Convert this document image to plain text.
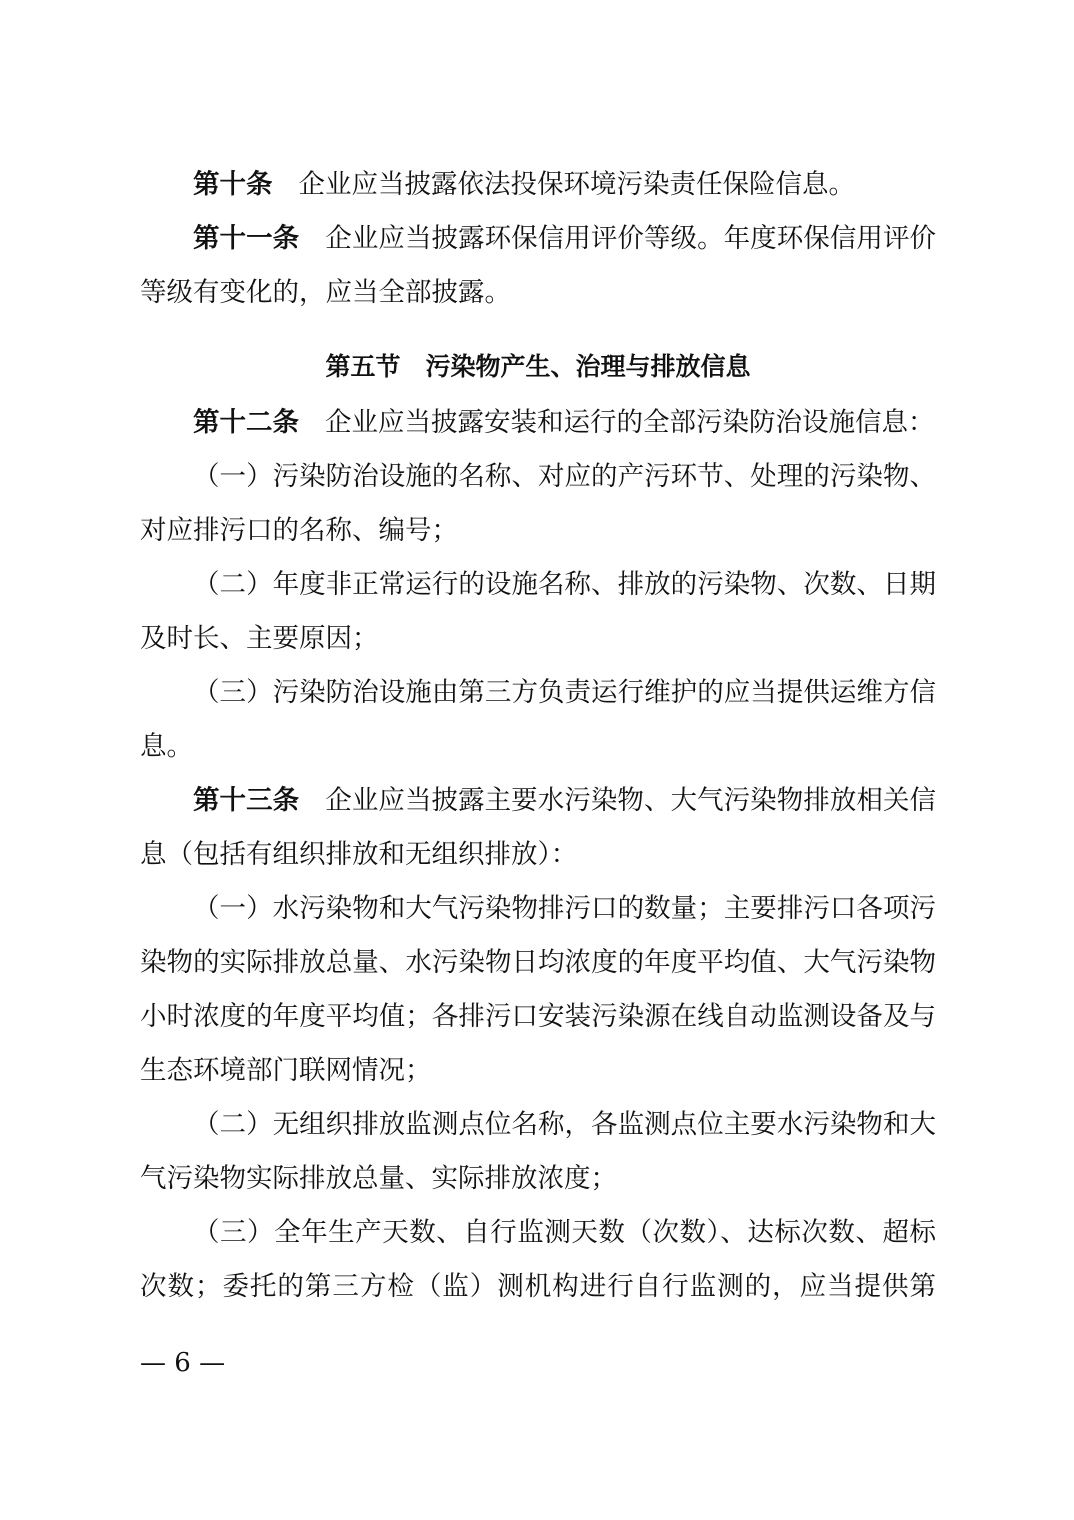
第十条 企业应当披露依法投保环境污染责任保险信息。

第十一条 企业应当披露环保信用评价等级。年度环保信用评价等级有变化的，应当全部披露。

第五节　污染物产生、治理与排放信息

第十二条 企业应当披露安装和运行的全部污染防治设施信息：

（一）污染防治设施的名称、对应的产污环节、处理的污染物、对应排污口的名称、编号；

（二）年度非正常运行的设施名称、排放的污染物、次数、日期及时长、主要原因；

（三）污染防治设施由第三方负责运行维护的应当提供运维方信息。

第十三条 企业应当披露主要水污染物、大气污染物排放相关信息（包括有组织排放和无组织排放）：

（一）水污染物和大气污染物排污口的数量；主要排污口各项污染物的实际排放总量、水污染物日均浓度的年度平均值、大气污染物小时浓度的年度平均值；各排污口安装污染源在线自动监测设备及与生态环境部门联网情况；

（二）无组织排放监测点位名称，各监测点位主要水污染物和大气污染物实际排放总量、实际排放浓度；

（三）全年生产天数、自行监测天数（次数）、达标次数、超标次数；委托的第三方检（监）测机构进行自行监测的，应当提供第

— 6 —
